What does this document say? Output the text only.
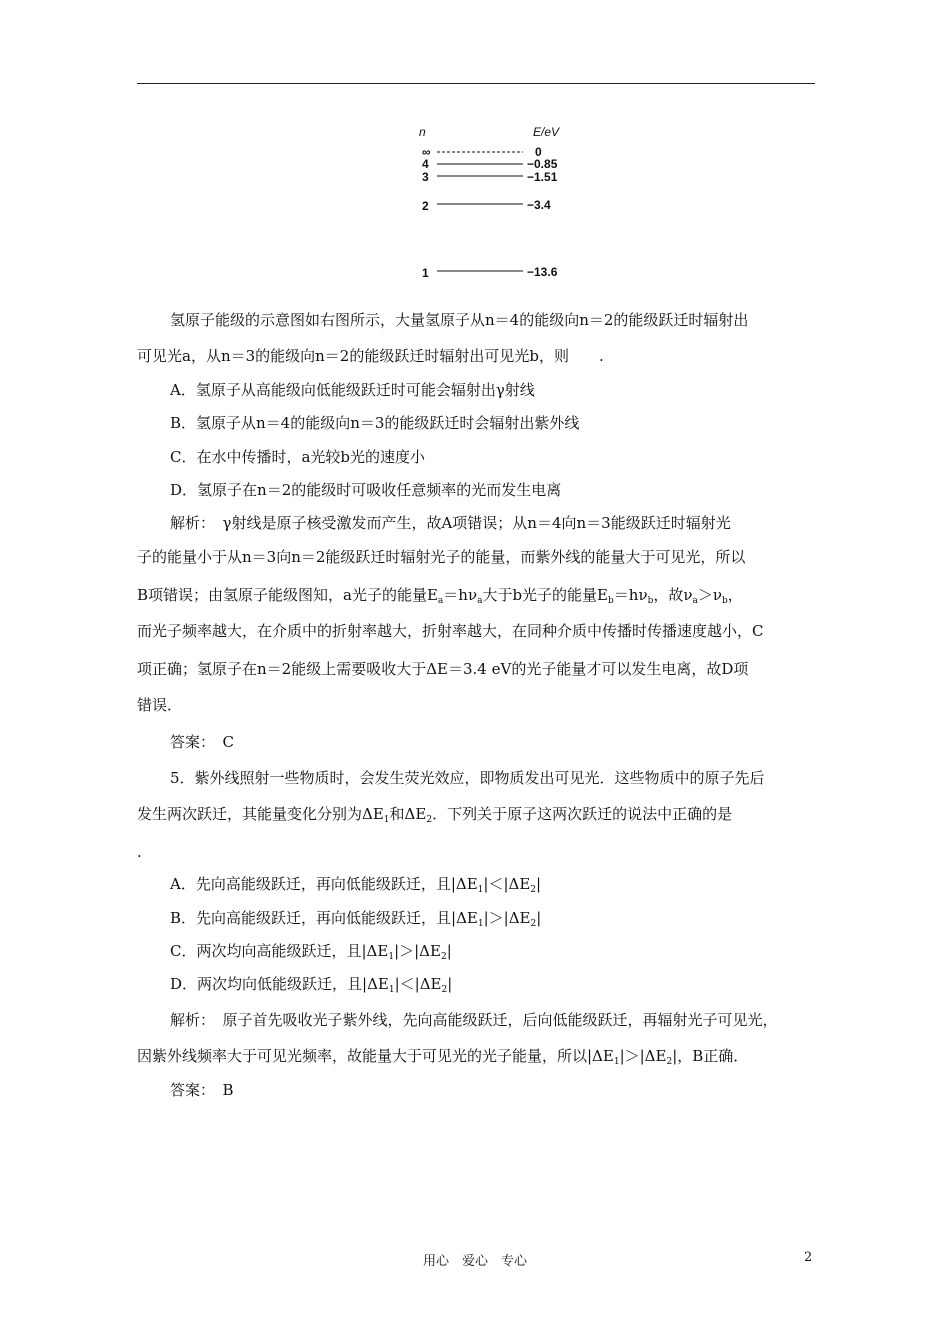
n	E/eV
∞	0
4	−0.85
3	−1.51
2	−3.4
1	−13.6
氢原子能级的示意图如右图所示，大量氢原子从n＝4的能级向n＝2的能级跃迁时辐射出
可见光a，从n＝3的能级向n＝2的能级跃迁时辐射出可见光b，则　　.
A．氢原子从高能级向低能级跃迁时可能会辐射出γ射线
B．氢原子从n＝4的能级向n＝3的能级跃迁时会辐射出紫外线
C．在水中传播时，a光较b光的速度小
D．氢原子在n＝2的能级时可吸收任意频率的光而发生电离
解析：　γ射线是原子核受激发而产生，故A项错误；从n＝4向n＝3能级跃迁时辐射光
子的能量小于从n＝3向n＝2能级跃迁时辐射光子的能量，而紫外线的能量大于可见光，所以
B项错误；由氢原子能级图知，a光子的能量$E_a=h\nu_a$大于b光子的能量$E_b=h\nu_b$，故$\nu_a>\nu_b$，
而光子频率越大，在介质中的折射率越大，折射率越大，在同种介质中传播时传播速度越小，C
项正确；氢原子在n＝2能级上需要吸收大于ΔE＝3.4 eV的光子能量才可以发生电离，故D项
错误．
答案：　C
5．紫外线照射一些物质时，会发生荧光效应，即物质发出可见光．这些物质中的原子先后
发生两次跃迁，其能量变化分别为$\Delta E_1$和$\Delta E_2$．下列关于原子这两次跃迁的说法中正确的是
.
A．先向高能级跃迁，再向低能级跃迁，且$|\Delta E_1|<|\Delta E_2|$
B．先向高能级跃迁，再向低能级跃迁，且$|\Delta E_1|>|\Delta E_2|$
C．两次均向高能级跃迁，且$|\Delta E_1|>|\Delta E_2|$
D．两次均向低能级跃迁，且$|\Delta E_1|<|\Delta E_2|$
解析：　原子首先吸收光子紫外线，先向高能级跃迁，后向低能级跃迁，再辐射光子可见光，
因紫外线频率大于可见光频率，故能量大于可见光的光子能量，所以$|\Delta E_1|>|\Delta E_2|$，B正确．
答案：　B
用心　爱心　专心	2
